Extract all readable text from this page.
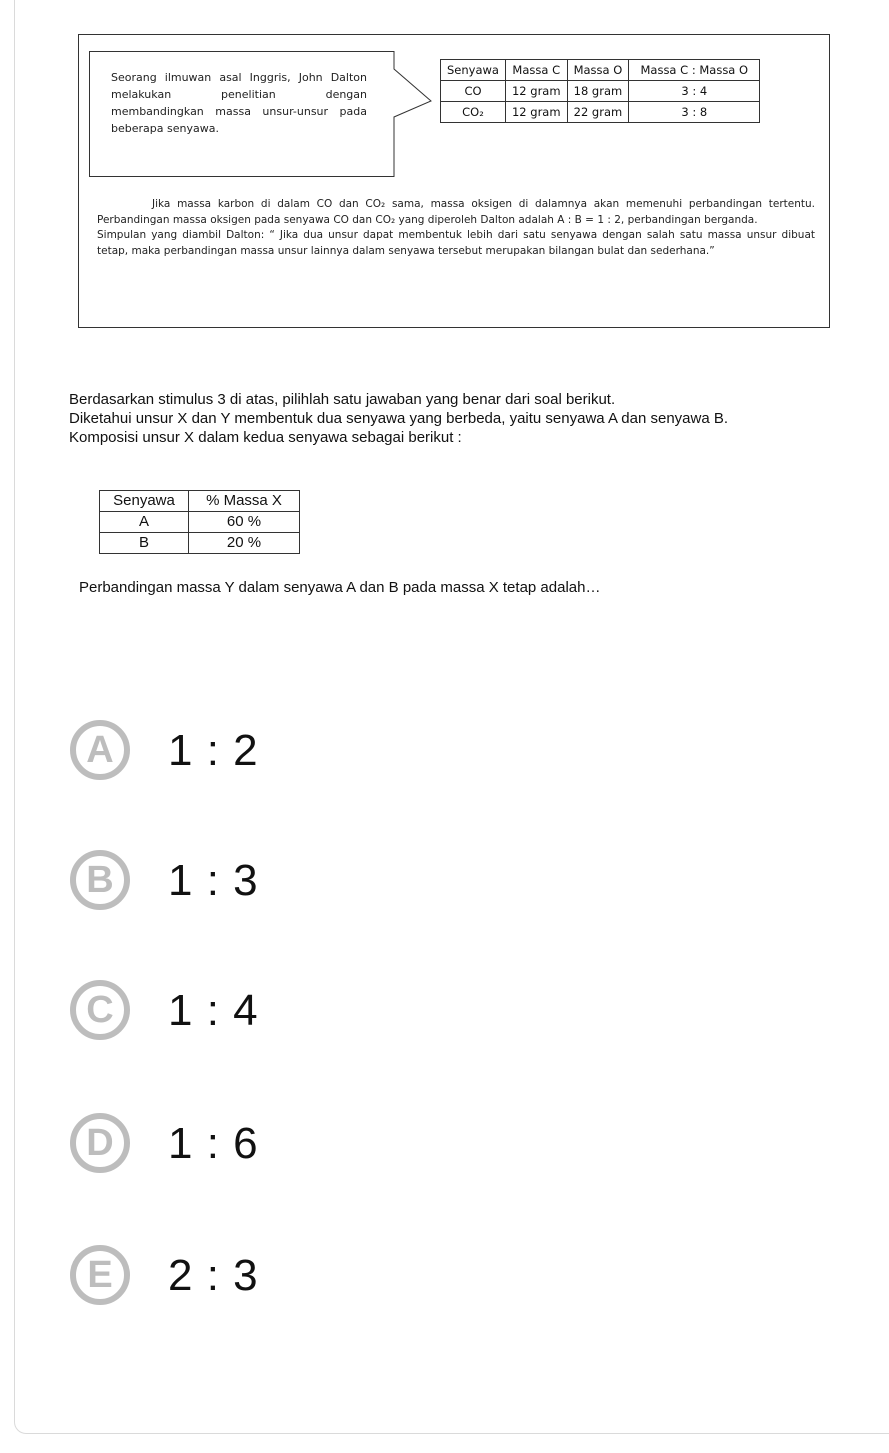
Seorang ilmuwan asal Inggris, John Dalton melakukan penelitian dengan membandingkan massa unsur-unsur pada beberapa senyawa.
Senyawa	Massa C	Massa O	Massa C : Massa O
CO	12 gram	18 gram	3 : 4
CO₂	12 gram	22 gram	3 : 8

Jika massa karbon di dalam CO dan CO₂ sama, massa oksigen di dalamnya akan memenuhi perbandingan tertentu. Perbandingan massa oksigen pada senyawa CO dan CO₂ yang diperoleh Dalton adalah A : B = 1 : 2, perbandingan berganda.

Simpulan yang diambil Dalton: “ Jika dua unsur dapat membentuk lebih dari satu senyawa dengan salah satu massa unsur dibuat tetap, maka perbandingan massa unsur lainnya dalam senyawa tersebut merupakan bilangan bulat dan sederhana.”

Berdasarkan stimulus 3 di atas, pilihlah satu jawaban yang benar dari soal berikut.

Diketahui unsur X dan Y membentuk dua senyawa yang berbeda, yaitu senyawa A dan senyawa B.

Komposisi unsur X dalam kedua senyawa sebagai berikut :

Senyawa	% Massa X
A	60 %
B	20 %
Perbandingan massa Y dalam senyawa A dan B pada massa X tetap adalah…
A	1 : 2
B	1 : 3
C	1 : 4
D	1 : 6
E	2 : 3
